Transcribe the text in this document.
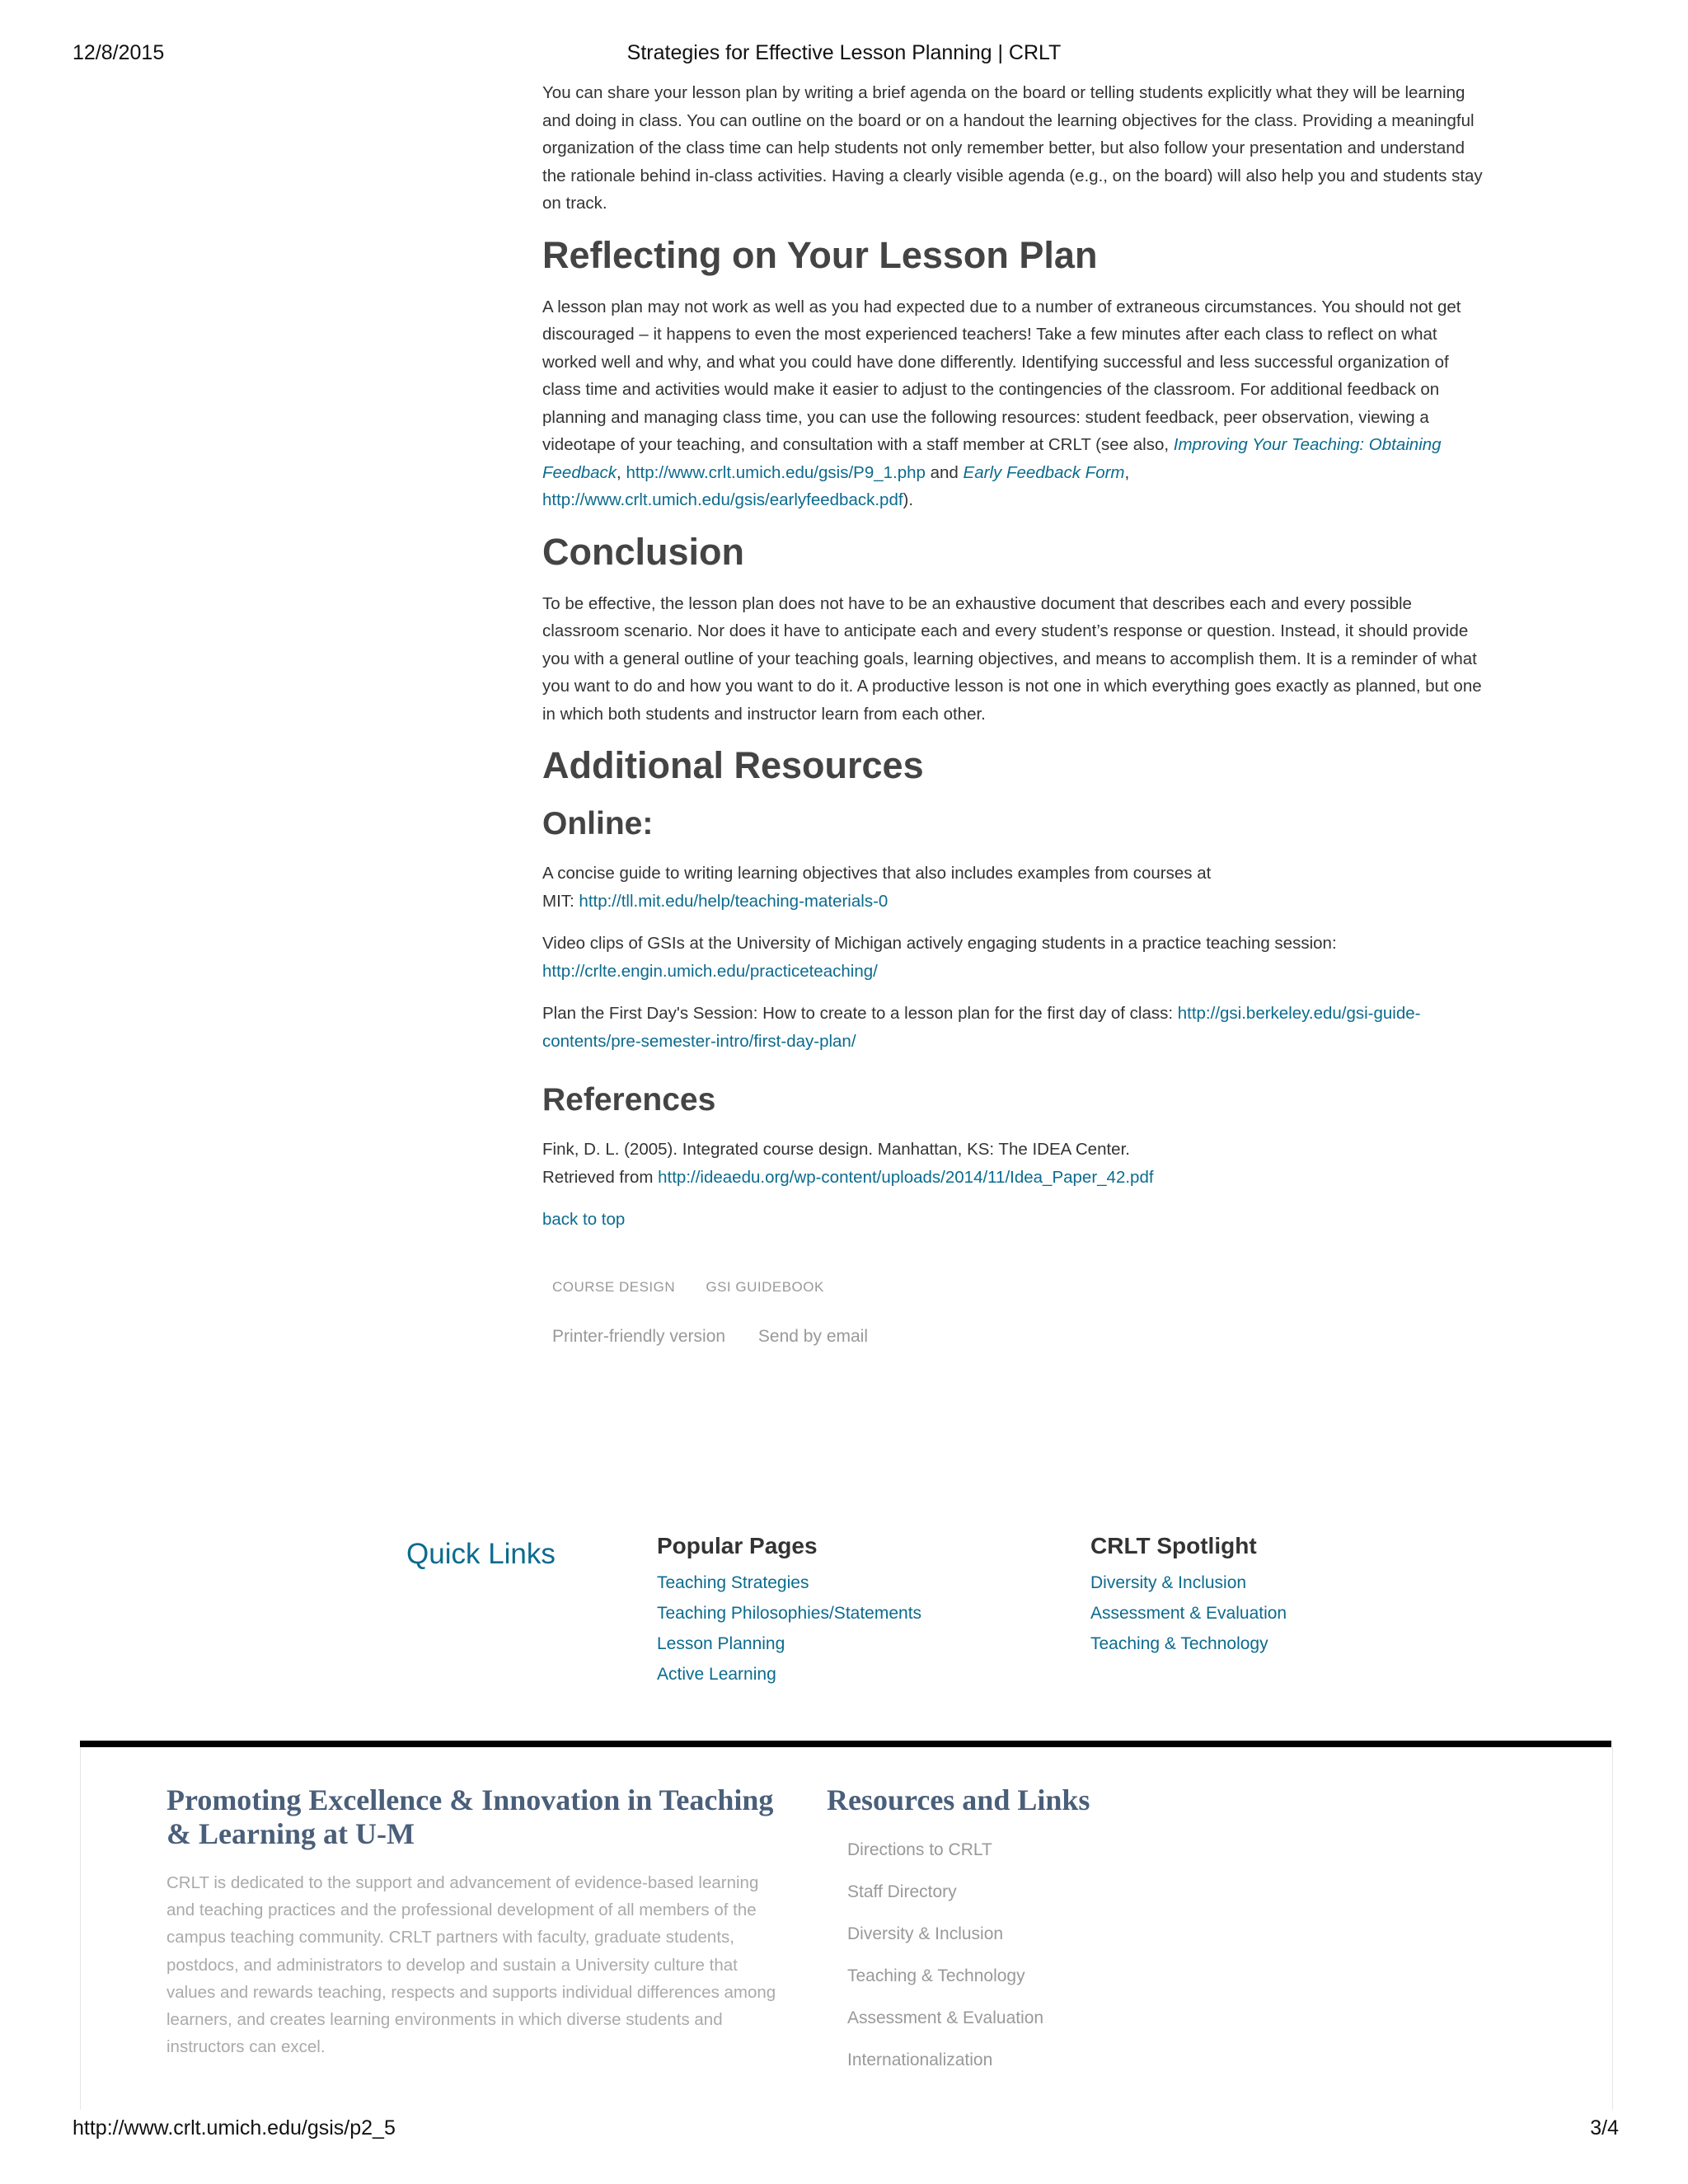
12/8/2015	Strategies for Effective Lesson Planning | CRLT

You can share your lesson plan by writing a brief agenda on the board or telling students explicitly what they will be learning and doing in class. You can outline on the board or on a handout the learning objectives for the class. Providing a meaningful organization of the class time can help students not only remember better, but also follow your presentation and understand the rationale behind in-class activities. Having a clearly visible agenda (e.g., on the board) will also help you and students stay on track.

Reflecting on Your Lesson Plan

A lesson plan may not work as well as you had expected due to a number of extraneous circumstances. You should not get discouraged – it happens to even the most experienced teachers! Take a few minutes after each class to reflect on what worked well and why, and what you could have done differently. Identifying successful and less successful organization of class time and activities would make it easier to adjust to the contingencies of the classroom. For additional feedback on planning and managing class time, you can use the following resources: student feedback, peer observation, viewing a videotape of your teaching, and consultation with a staff member at CRLT (see also, Improving Your Teaching: Obtaining Feedback, http://www.crlt.umich.edu/gsis/P9_1.php and Early Feedback Form,
http://www.crlt.umich.edu/gsis/earlyfeedback.pdf).

Conclusion

To be effective, the lesson plan does not have to be an exhaustive document that describes each and every possible classroom scenario. Nor does it have to anticipate each and every student’s response or question. Instead, it should provide you with a general outline of your teaching goals, learning objectives, and means to accomplish them. It is a reminder of what you want to do and how you want to do it. A productive lesson is not one in which everything goes exactly as planned, but one in which both students and instructor learn from each other.

Additional Resources
Online:

A concise guide to writing learning objectives that also includes examples from courses at
MIT: http://tll.mit.edu/help/teaching-materials-0

Video clips of GSIs at the University of Michigan actively engaging students in a practice teaching session:
http://crlte.engin.umich.edu/practiceteaching/

Plan the First Day's Session: How to create to a lesson plan for the first day of class: http://gsi.berkeley.edu/gsi-guide-contents/pre-semester-intro/first-day-plan/

References

Fink, D. L. (2005). Integrated course design. Manhattan, KS: The IDEA Center.
Retrieved from http://ideaedu.org/wp-content/uploads/2014/11/Idea_Paper_42.pdf

back to top

COURSE DESIGN GSI GUIDEBOOK
Printer-friendly version Send by email
Quick Links	Popular Pages
Teaching Strategies
Teaching Philosophies/Statements
Lesson Planning
Active Learning
CRLT Spotlight
Diversity & Inclusion
Assessment & Evaluation
Teaching & Technology
Promoting Excellence & Innovation in Teaching & Learning at U-M

CRLT is dedicated to the support and advancement of evidence-based learning and teaching practices and the professional development of all members of the campus teaching community. CRLT partners with faculty, graduate students, postdocs, and administrators to develop and sustain a University culture that values and rewards teaching, respects and supports individual differences among learners, and creates learning environments in which diverse students and instructors can excel.

Resources and Links
Directions to CRLT
Staff Directory
Diversity & Inclusion
Teaching & Technology
Assessment & Evaluation
Internationalization
http://www.crlt.umich.edu/gsis/p2_5	3/4
